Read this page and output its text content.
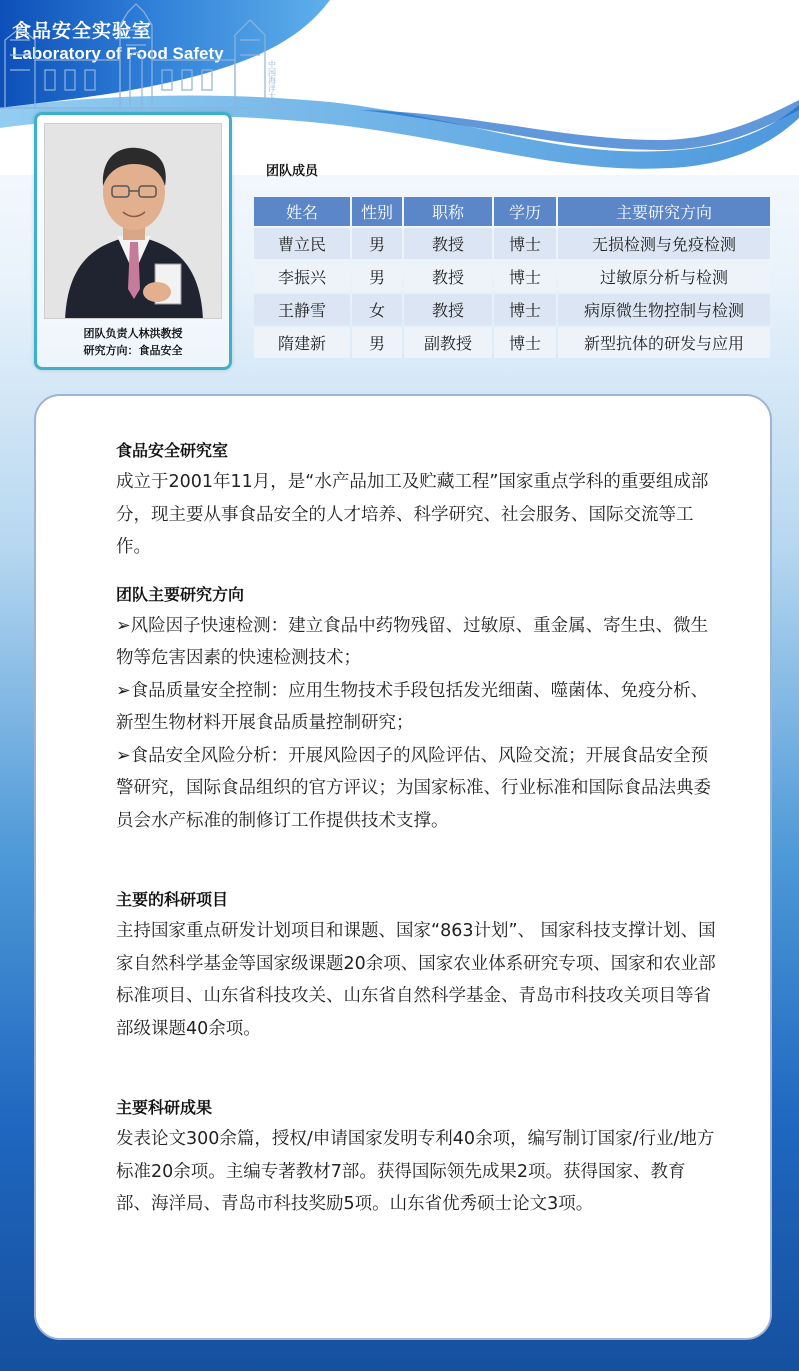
食品安全实验室
Laboratory of Food Safety
中国海洋大学
团队负责人林洪教授
研究方向：食品安全
团队成员
姓名	性别	职称	学历	主要研究方向
曹立民	男	教授	博士	无损检测与免疫检测
李振兴	男	教授	博士	过敏原分析与检测
王静雪	女	教授	博士	病原微生物控制与检测
隋建新	男	副教授	博士	新型抗体的研发与应用
食品安全研究室
成立于2001年11月，是“水产品加工及贮藏工程”国家重点学科的重要组成部分，现主要从事食品安全的人才培养、科学研究、社会服务、国际交流等工作。
团队主要研究方向
➢风险因子快速检测：建立食品中药物残留、过敏原、重金属、寄生虫、微生物等危害因素的快速检测技术；
➢食品质量安全控制：应用生物技术手段包括发光细菌、噬菌体、免疫分析、新型生物材料开展食品质量控制研究；
➢食品安全风险分析：开展风险因子的风险评估、风险交流；开展食品安全预警研究，国际食品组织的官方评议；为国家标准、行业标准和国际食品法典委员会水产标准的制修订工作提供技术支撑。
主要的科研项目
主持国家重点研发计划项目和课题、国家“863计划”、 国家科技支撑计划、国家自然科学基金等国家级课题20余项、国家农业体系研究专项、国家和农业部标准项目、山东省科技攻关、山东省自然科学基金、青岛市科技攻关项目等省部级课题40余项。
主要科研成果
发表论文300余篇，授权/申请国家发明专利40余项，编写制订国家/行业/地方标准20余项。主编专著教材7部。获得国际领先成果2项。获得国家、教育部、海洋局、青岛市科技奖励5项。山东省优秀硕士论文3项。
